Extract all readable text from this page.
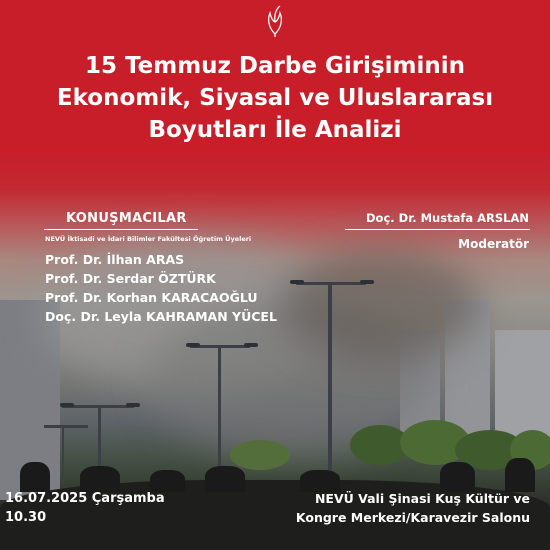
15 Temmuz Darbe Girişiminin
Ekonomik, Siyasal ve Uluslararası
Boyutları İle Analizi
KONUŞMACILAR
NEVÜ İktisadi ve İdari Bilimler Fakültesi Öğretim Üyeleri
Prof. Dr. İlhan ARAS
Prof. Dr. Serdar ÖZTÜRK
Prof. Dr. Korhan KARACAOĞLU
Doç. Dr. Leyla KAHRAMAN YÜCEL
Doç. Dr. Mustafa ARSLAN
Moderatör
16.07.2025 Çarşamba
10.30
NEVÜ Vali Şinasi Kuş Kültür ve
Kongre Merkezi/Karavezir Salonu
